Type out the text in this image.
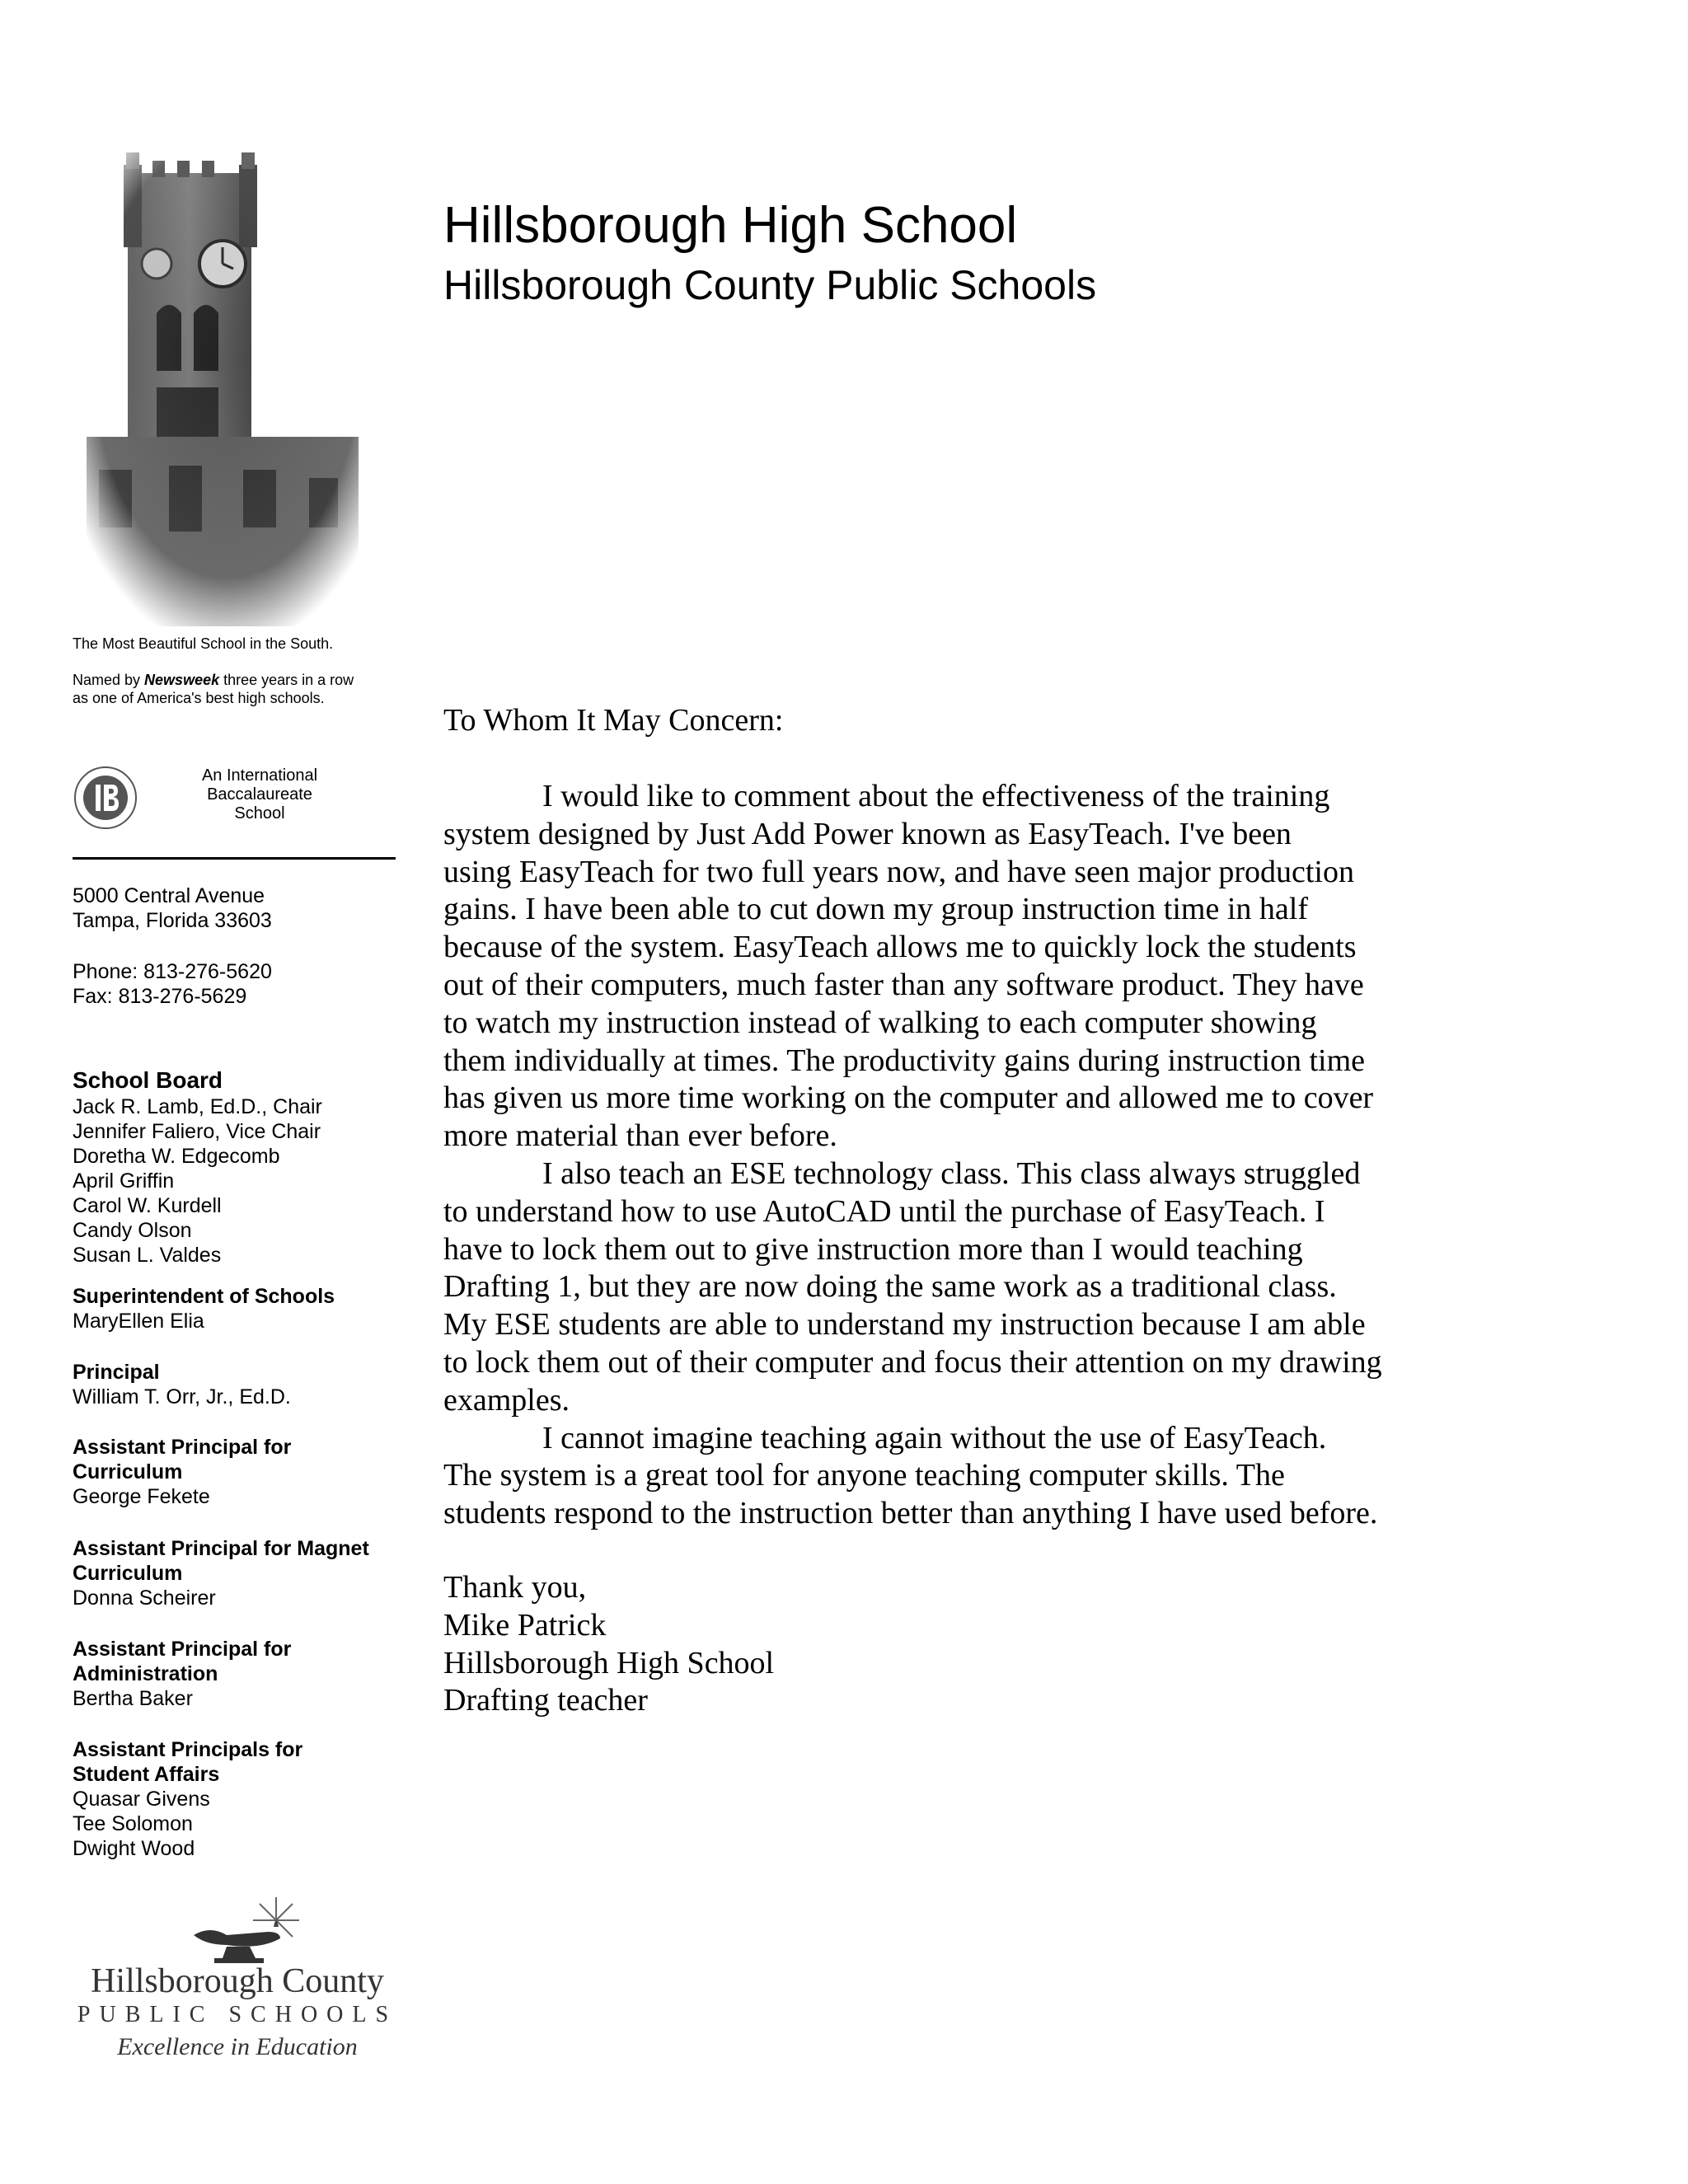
Hillsborough High School
Hillsborough County Public Schools
The Most Beautiful School in the South.
Named by Newsweek three years in a row
as one of America's best high schools.
An International
Baccalaureate
School
5000 Central Avenue
Tampa, Florida 33603
Phone: 813-276-5620
Fax: 813-276-5629
School Board
Jack R. Lamb, Ed.D., Chair
Jennifer Faliero, Vice Chair
Doretha W. Edgecomb
April Griffin
Carol W. Kurdell
Candy Olson
Susan L. Valdes
Superintendent of Schools
MaryEllen Elia
Principal
William T. Orr, Jr., Ed.D.
Assistant Principal for
Curriculum
George Fekete
Assistant Principal for Magnet
Curriculum
Donna Scheirer
Assistant Principal for
Administration
Bertha Baker
Assistant Principals for
Student Affairs
Quasar Givens
Tee Solomon
Dwight Wood
Hillsborough County
PUBLIC SCHOOLS
Excellence in Education
To Whom It May Concern:

I would like to comment about the effectiveness of the training
system designed by Just Add Power known as EasyTeach. I've been
using EasyTeach for two full years now, and have seen major production
gains. I have been able to cut down my group instruction time in half
because of the system. EasyTeach allows me to quickly lock the students
out of their computers, much faster than any software product. They have
to watch my instruction instead of walking to each computer showing
them individually at times. The productivity gains during instruction time
has given us more time working on the computer and allowed me to cover
more material than ever before.

I also teach an ESE technology class. This class always struggled
to understand how to use AutoCAD until the purchase of EasyTeach. I
have to lock them out to give instruction more than I would teaching
Drafting 1, but they are now doing the same work as a traditional class.
My ESE students are able to understand my instruction because I am able
to lock them out of their computer and focus their attention on my drawing
examples.

I cannot imagine teaching again without the use of EasyTeach.
The system is a great tool for anyone teaching computer skills. The
students respond to the instruction better than anything I have used before.

Thank you,
Mike Patrick
Hillsborough High School
Drafting teacher
